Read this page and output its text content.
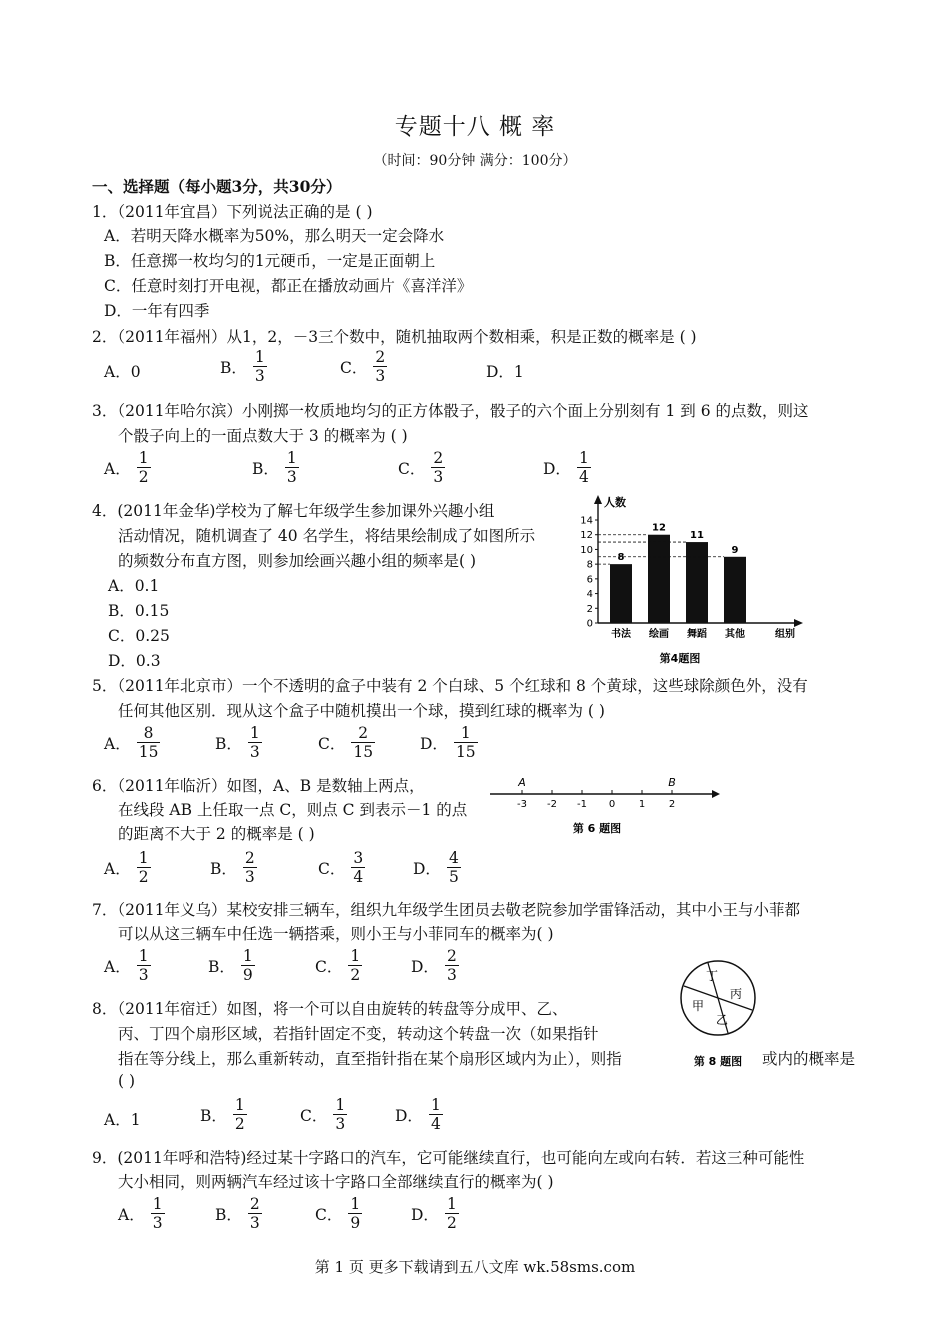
专题十八 概 率
（时间：90分钟 满分：100分）
一、选择题（每小题3分，共30分）
1．（2011年宜昌）下列说法正确的是 ( )
A．若明天降水概率为50%，那么明天一定会降水
B．任意掷一枚均匀的1元硬币，一定是正面朝上
C．任意时刻打开电视，都正在播放动画片《喜洋洋》
D．一年有四季
2．（2011年福州）从1，2，－3三个数中，随机抽取两个数相乘，积是正数的概率是 ( )
A．0	B． $\frac{1}{3}$	C． $\frac{2}{3}$	D．1
3．（2011年哈尔滨）小刚掷一枚质地均匀的正方体骰子，骰子的六个面上分别刻有 1 到 6 的点数，则这
个骰子向上的一面点数大于 3 的概率为 ( )
A． $\frac{1}{2}$	B． $\frac{1}{3}$	C． $\frac{2}{3}$	D． $\frac{1}{4}$
4．(2011年金华)学校为了解七年级学生参加课外兴趣小组
活动情况，随机调查了 40 名学生，将结果绘制成了如图所示
的频数分布直方图，则参加绘画兴趣小组的频率是( )
A．0.1
B．0.15
C．0.25
D．0.3
人数
0
2
4
6
8
10
12
14
8
书法
12
绘画
11
舞蹈
9
其他	组别
第4题图
5．（2011年北京市）一个不透明的盒子中装有 2 个白球、5 个红球和 8 个黄球，这些球除颜色外，没有
任何其他区别．现从这个盒子中随机摸出一个球，摸到红球的概率为 ( )
A． $\frac{8}{15}$	B． $\frac{1}{3}$	C． $\frac{2}{15}$	D． $\frac{1}{15}$
6．（2011年临沂）如图，A、B 是数轴上两点，
在线段 AB 上任取一点 C，则点 C 到表示－1 的点
的距离不大于 2 的概率是 ( )
A． $\frac{1}{2}$	B． $\frac{2}{3}$	C． $\frac{3}{4}$	D． $\frac{4}{5}$
-3 -2 -1 0 1 2
A	B
第 6 题图
7．（2011年义乌）某校安排三辆车，组织九年级学生团员去敬老院参加学雷锋活动，其中小王与小菲都
可以从这三辆车中任选一辆搭乘，则小王与小菲同车的概率为( )
A． $\frac{1}{3}$	B． $\frac{1}{9}$	C． $\frac{1}{2}$	D． $\frac{2}{3}$	丁
丙
甲
乙
第 8 题图
8．（2011年宿迁）如图，将一个可以自由旋转的转盘等分成甲、乙、
丙、丁四个扇形区域，若指针固定不变，转动这个转盘一次（如果指针
指在等分线上，那么重新转动，直至指针指在某个扇形区域内为止），则指	或内的概率是
( )
A．1	B． $\frac{1}{2}$	C． $\frac{1}{3}$	D． $\frac{1}{4}$
9．(2011年呼和浩特)经过某十字路口的汽车，它可能继续直行，也可能向左或向右转．若这三种可能性
大小相同，则两辆汽车经过该十字路口全部继续直行的概率为( )
A． $\frac{1}{3}$	B． $\frac{2}{3}$	C． $\frac{1}{9}$	D． $\frac{1}{2}$
第 1 页 更多下载请到五八文库 wk.58sms.com
